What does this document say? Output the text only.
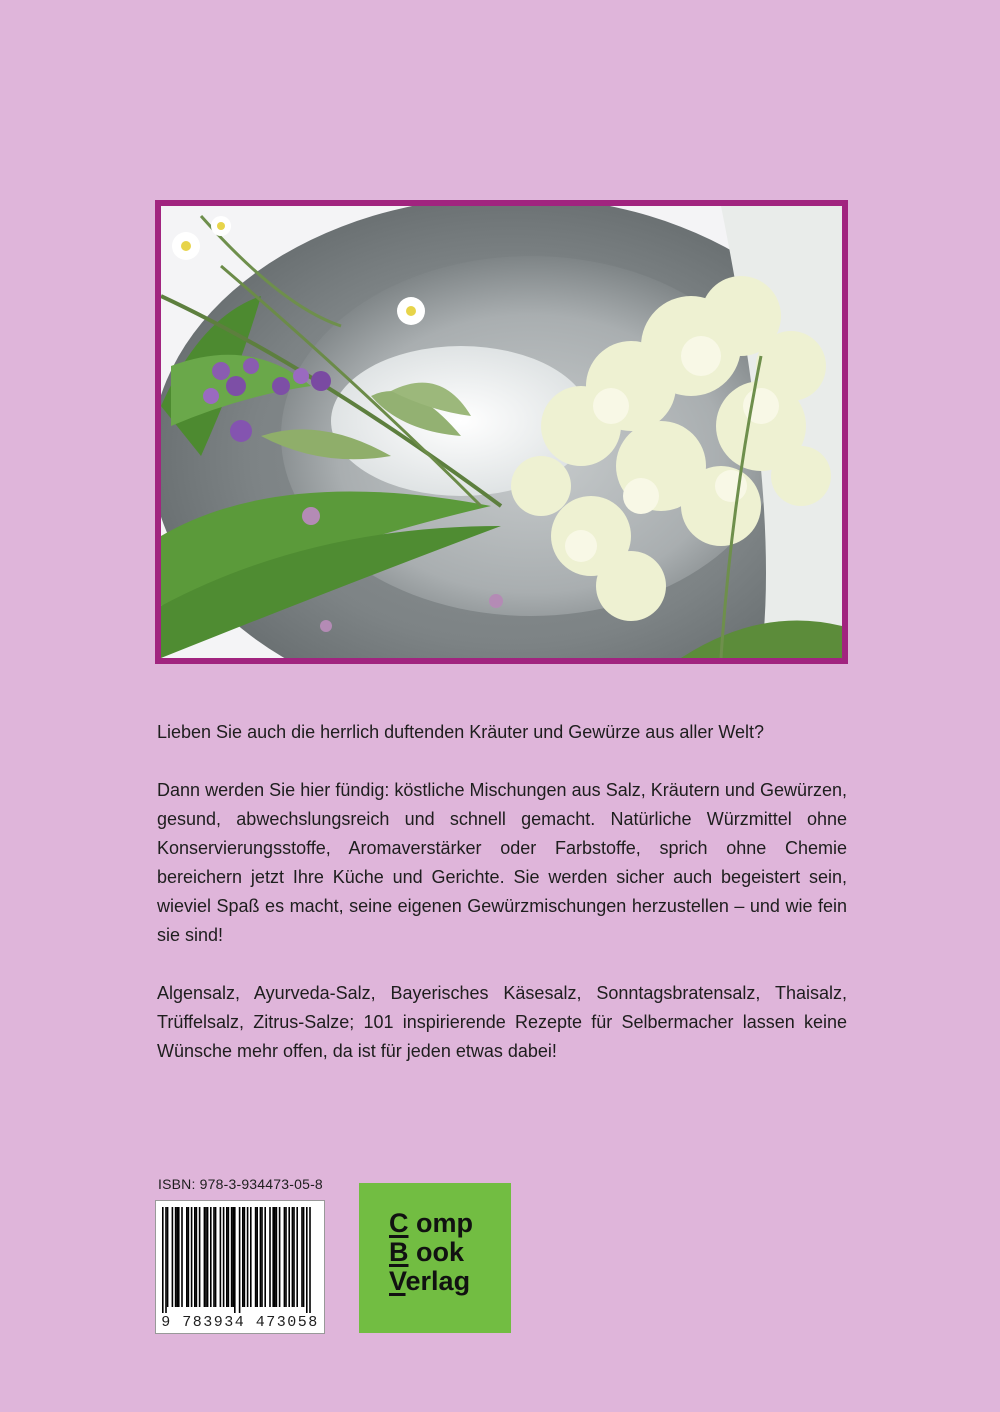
Lieben Sie auch die herrlich duftenden Kräuter und Gewürze aus aller Welt?

Dann werden Sie hier fündig: köstliche Mischungen aus Salz, Kräutern und Gewürzen, gesund, abwechslungsreich und schnell gemacht. Natürliche Würzmittel ohne Konservierungsstoffe, Aromaverstärker oder Farbstoffe, sprich ohne Chemie bereichern jetzt Ihre Küche und Gerichte. Sie werden sicher auch begeistert sein, wieviel Spaß es macht, seine eigenen Gewürzmischungen herzustellen – und wie fein sie sind!

Algensalz, Ayurveda-Salz, Bayerisches Käsesalz, Sonntagsbratensalz, Thaisalz, Trüffelsalz, Zitrus-Salze; 101 inspirierende Rezepte für Selbermacher lassen keine Wünsche mehr offen, da ist für jeden etwas dabei!

ISBN: 978-3-934473-05-8
9 783934 473058
C omp
B ook
Verlag
